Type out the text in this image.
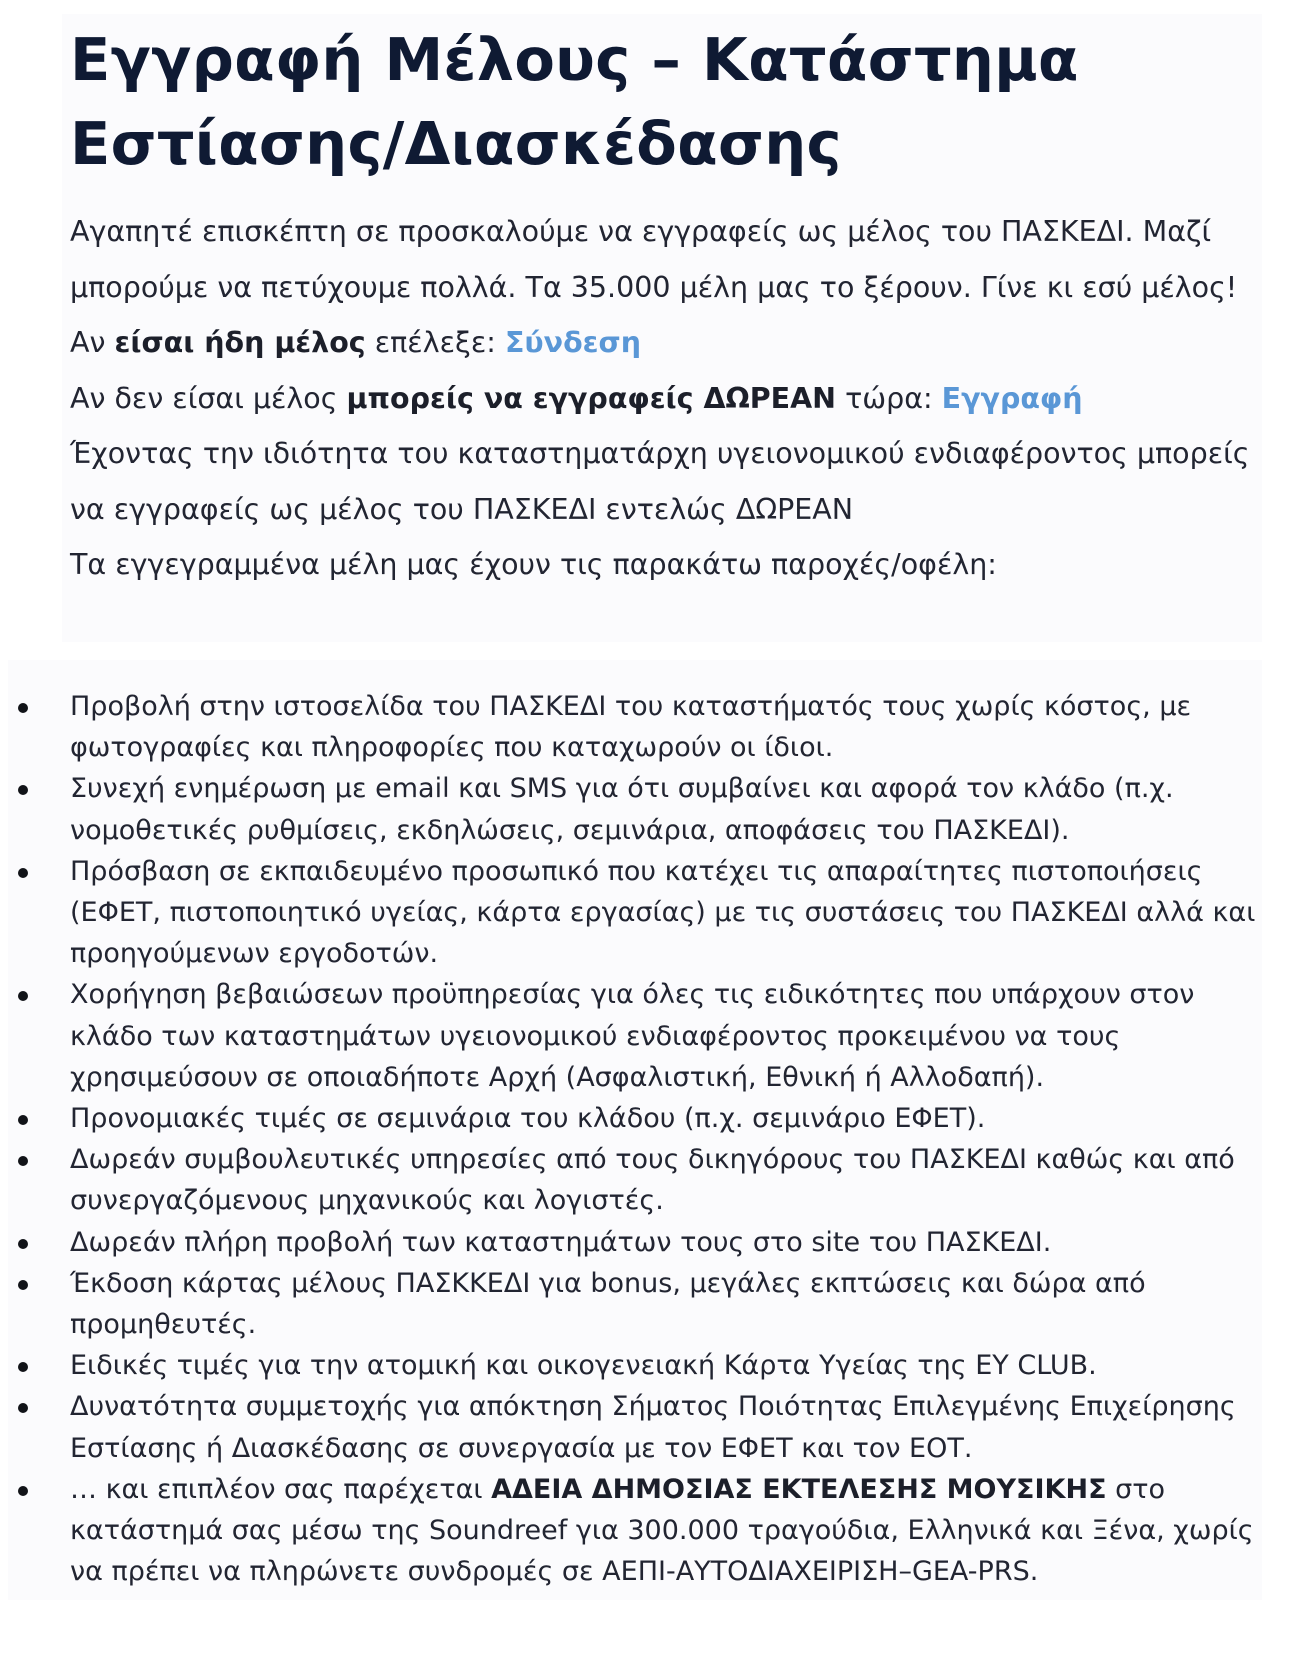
Εγγραφή Μέλους – Κατάστημα Εστίασης/Διασκέδασης

Αγαπητέ επισκέπτη σε προσκαλούμε να εγγραφείς ως μέλος του ΠΑΣΚΕΔΙ. Μαζί μπορούμε να πετύχουμε πολλά. Τα 35.000 μέλη μας το ξέρουν. Γίνε κι εσύ μέλος!

Αν είσαι ήδη μέλος επέλεξε: Σύνδεση

Αν δεν είσαι μέλος μπορείς να εγγραφείς ΔΩΡΕΑΝ τώρα: Εγγραφή

Έχοντας την ιδιότητα του καταστηματάρχη υγειονομικού ενδιαφέροντος μπορείς να εγγραφείς ως μέλος του ΠΑΣΚΕΔΙ εντελώς ΔΩΡΕΑΝ

Τα εγγεγραμμένα μέλη μας έχουν τις παρακάτω παροχές/οφέλη:

Προβολή στην ιστοσελίδα του ΠΑΣΚΕΔΙ του καταστήματός τους χωρίς κόστος, με φωτογραφίες και πληροφορίες που καταχωρούν οι ίδιοι.
Συνεχή ενημέρωση με email και SMS για ότι συμβαίνει και αφορά τον κλάδο (π.χ. νομοθετικές ρυθμίσεις, εκδηλώσεις, σεμινάρια, αποφάσεις του ΠΑΣΚΕΔΙ).
Πρόσβαση σε εκπαιδευμένο προσωπικό που κατέχει τις απαραίτητες πιστοποιήσεις (ΕΦΕΤ, πιστοποιητικό υγείας, κάρτα εργασίας) με τις συστάσεις του ΠΑΣΚΕΔΙ αλλά και προηγούμενων εργοδοτών.
Χορήγηση βεβαιώσεων προϋπηρεσίας για όλες τις ειδικότητες που υπάρχουν στον κλάδο των καταστημάτων υγειονομικού ενδιαφέροντος προκειμένου να τους χρησιμεύσουν σε οποιαδήποτε Αρχή (Ασφαλιστική, Εθνική ή Αλλοδαπή).
Προνομιακές τιμές σε σεμινάρια του κλάδου (π.χ. σεμινάριο ΕΦΕΤ).
Δωρεάν συμβουλευτικές υπηρεσίες από τους δικηγόρους του ΠΑΣΚΕΔΙ καθώς και από συνεργαζόμενους μηχανικούς και λογιστές.
Δωρεάν πλήρη προβολή των καταστημάτων τους στο site του ΠΑΣΚΕΔΙ.
Έκδοση κάρτας μέλους ΠΑΣΚΚΕΔΙ για bonus, μεγάλες εκπτώσεις και δώρα από προμηθευτές.
Ειδικές τιμές για την ατομική και οικογενειακή Κάρτα Υγείας της ΕΥ CLUB.
Δυνατότητα συμμετοχής για απόκτηση Σήματος Ποιότητας Επιλεγμένης Επιχείρησης Εστίασης ή Διασκέδασης σε συνεργασία με τον ΕΦΕΤ και τον ΕΟΤ.
… και επιπλέον σας παρέχεται ΑΔΕΙΑ ΔΗΜΟΣΙΑΣ ΕΚΤΕΛΕΣΗΣ ΜΟΥΣΙΚΗΣ στο κατάστημά σας μέσω της Soundreef για 300.000 τραγούδια, Ελληνικά και Ξένα, χωρίς να πρέπει να πληρώνετε συνδρομές σε ΑΕΠΙ-ΑΥΤΟΔΙΑΧΕΙΡΙΣΗ–GEA-PRS.
